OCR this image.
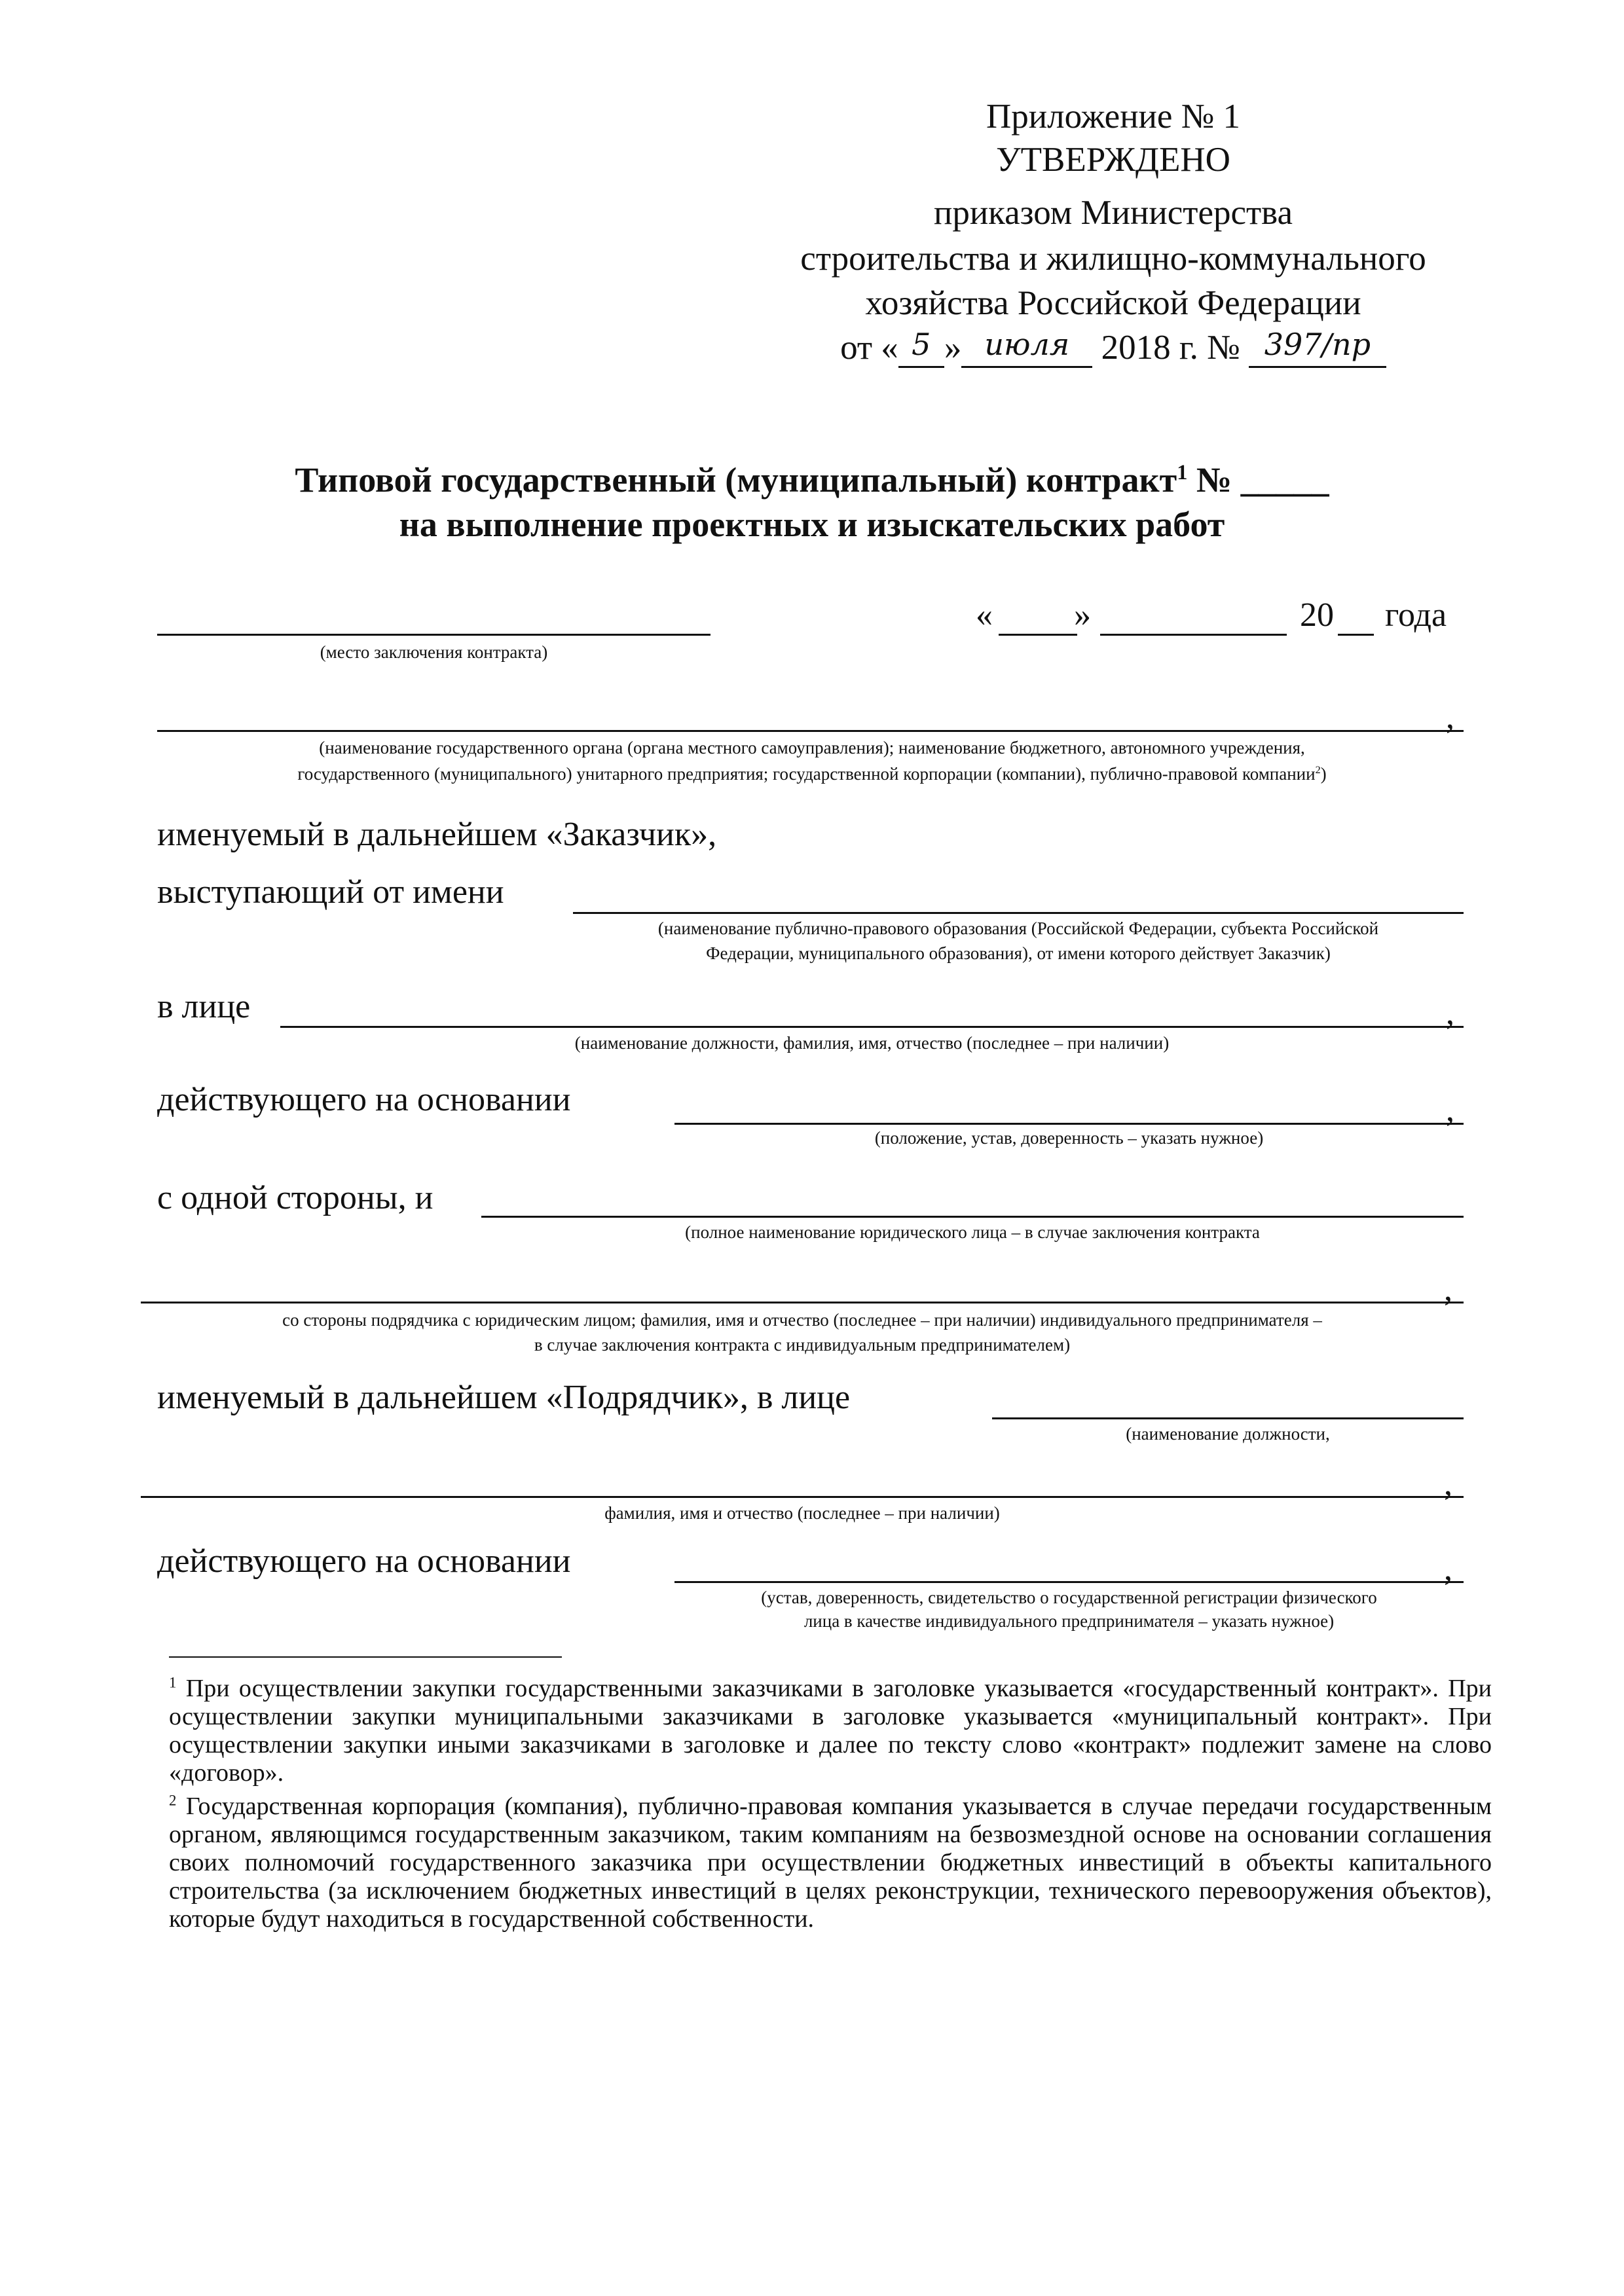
Приложение № 1
УТВЕРЖДЕНО
приказом Министерства
строительства и жилищно-коммунального
хозяйства Российской Федерации
от « 5 » июля 2018 г. № 397/пр
Типовой государственный (муниципальный) контракт$^1$ № _____
на выполнение проектных и изыскательских работ
(место заключения контракта)
« »	20 года
,
(наименование государственного органа (органа местного самоуправления); наименование бюджетного, автономного учреждения,
государственного (муниципального) унитарного предприятия; государственной корпорации (компании), публично-правовой компании$^2$)
именуемый в дальнейшем «Заказчик»,
выступающий от имени
(наименование публично-правового образования (Российской Федерации, субъекта Российской
Федерации, муниципального образования), от имени которого действует Заказчик)
в лице	,
(наименование должности, фамилия, имя, отчество (последнее – при наличии)
действующего на основании	,
(положение, устав, доверенность – указать нужное)
с одной стороны, и
(полное наименование юридического лица – в случае заключения контракта
,
со стороны подрядчика с юридическим лицом; фамилия, имя и отчество (последнее – при наличии) индивидуального предпринимателя –
в случае заключения контракта с индивидуальным предпринимателем)
именуемый в дальнейшем «Подрядчик», в лице
(наименование должности,
,
фамилия, имя и отчество (последнее – при наличии)
действующего на основании	,
(устав, доверенность, свидетельство о государственной регистрации физического
лица в качестве индивидуального предпринимателя – указать нужное)
$^1$ При осуществлении закупки государственными заказчиками в заголовке указывается «государственный контракт». При осуществлении закупки муниципальными заказчиками в заголовке указывается «муниципальный контракт». При осуществлении закупки иными заказчиками в заголовке и далее по тексту слово «контракт» подлежит замене на слово «договор».
$^2$ Государственная корпорация (компания), публично-правовая компания указывается в случае передачи государственным органом, являющимся государственным заказчиком, таким компаниям на безвозмездной основе на основании соглашения своих полномочий государственного заказчика при осуществлении бюджетных инвестиций в объекты капитального строительства (за исключением бюджетных инвестиций в целях реконструкции, технического перевооружения объектов), которые будут находиться в государственной собственности.
